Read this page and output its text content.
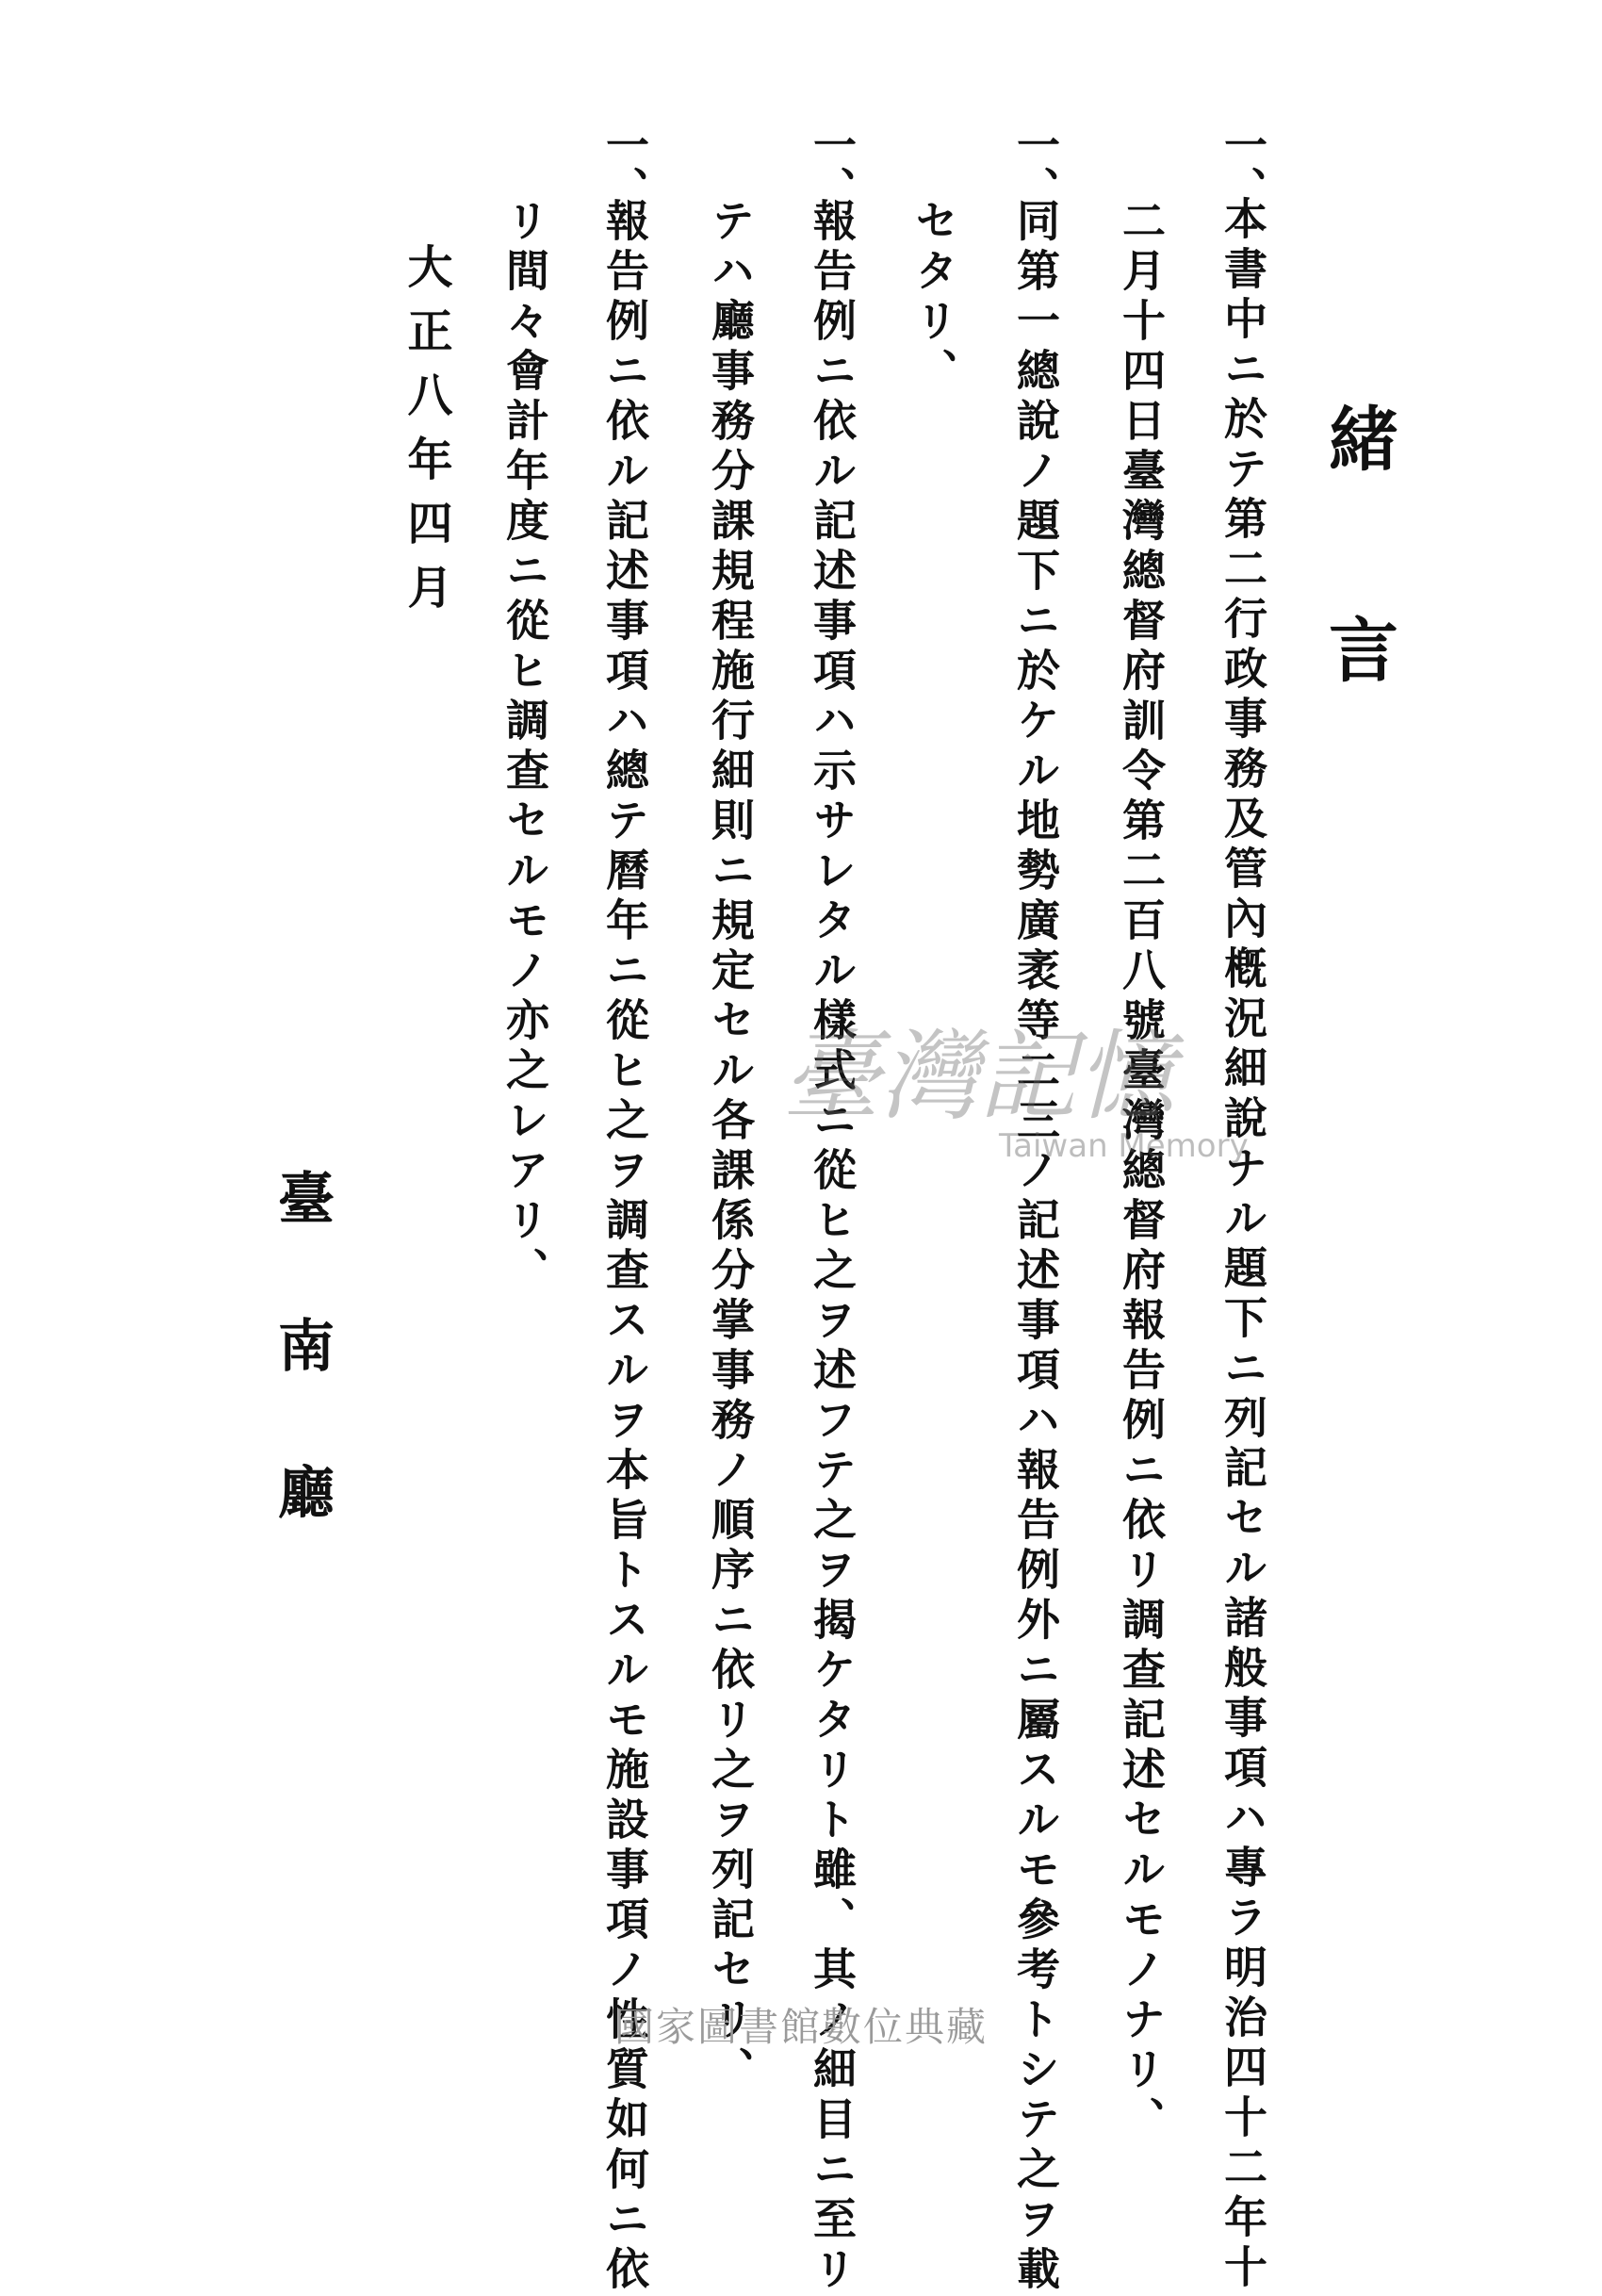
緒
言
一、
本書中ニ於テ第二行政事務及管內槪況細說ナル題下ニ列記セル諸般事項ハ專ラ明治四十二年十
二月十四日臺灣總督府訓令第二百八號臺灣總督府報告例ニ依リ調查記述セルモノナリ、
一、
同第一總說ノ題下ニ於ケル地勢廣袤等二三ノ記述事項ハ報告例外ニ屬スルモ參考トシテ之ヲ載
セタリ、
一、
報告例ニ依ル記述事項ハ示サレタル樣式ニ從ヒ之ヲ述フテ之ヲ揭ケタリト雖、其ノ細目ニ至リ
テハ廳事務分課規程施行細則ニ規定セル各課係分掌事務ノ順序ニ依リ之ヲ列記セリ、
一、
報告例ニ依ル記述事項ハ總テ曆年ニ從ヒ之ヲ調查スルヲ本旨トスルモ施設事項ノ性質如何ニ依
リ間々會計年度ニ從ヒ調查セルモノ亦之レアリ、
大正八年四月
臺南廳
臺灣記憶
Taiwan Memory
國家圖書館數位典藏
